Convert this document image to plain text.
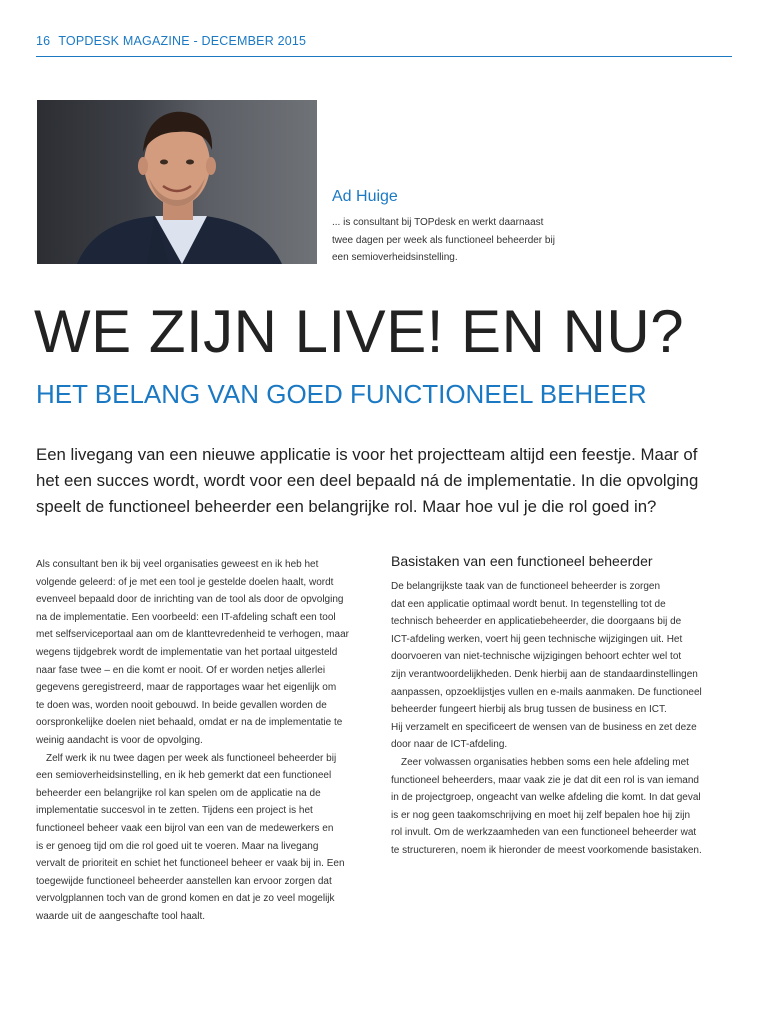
16 TOPDESK MAGAZINE - DECEMBER 2015
Ad Huige
... is consultant bij TOPdesk en werkt daarnaast
twee dagen per week als functioneel beheerder bij
een semioverheidsinstelling.
WE ZIJN LIVE! EN NU?
HET BELANG VAN GOED FUNCTIONEEL BEHEER
Een livegang van een nieuwe applicatie is voor het projectteam altijd een feestje. Maar of
het een succes wordt, wordt voor een deel bepaald ná de implementatie. In die opvolging
speelt de functioneel beheerder een belangrijke rol. Maar hoe vul je die rol goed in?

Als consultant ben ik bij veel organisaties geweest en ik heb het
volgende geleerd: of je met een tool je gestelde doelen haalt, wordt
evenveel bepaald door de inrichting van de tool als door de opvolging
na de implementatie. Een voorbeeld: een IT-afdeling schaft een tool
met selfserviceportaal aan om de klanttevredenheid te verhogen, maar
wegens tijdgebrek wordt de implementatie van het portaal uitgesteld
naar fase twee – en die komt er nooit. Of er worden netjes allerlei
gegevens geregistreerd, maar de rapportages waar het eigenlijk om
te doen was, worden nooit gebouwd. In beide gevallen worden de
oorspronkelijke doelen niet behaald, omdat er na de implementatie te
weinig aandacht is voor de opvolging.

Zelf werk ik nu twee dagen per week als functioneel beheerder bij
een semioverheidsinstelling, en ik heb gemerkt dat een functioneel
beheerder een belangrijke rol kan spelen om de applicatie na de
implementatie succesvol in te zetten. Tijdens een project is het
functioneel beheer vaak een bijrol van een van de medewerkers en
is er genoeg tijd om die rol goed uit te voeren. Maar na livegang
vervalt de prioriteit en schiet het functioneel beheer er vaak bij in. Een
toegewijde functioneel beheerder aanstellen kan ervoor zorgen dat
vervolgplannen toch van de grond komen en dat je zo veel mogelijk
waarde uit de aangeschafte tool haalt.

Basistaken van een functioneel beheerder

De belangrijkste taak van de functioneel beheerder is zorgen
dat een applicatie optimaal wordt benut. In tegenstelling tot de
technisch beheerder en applicatiebeheerder, die doorgaans bij de
ICT-afdeling werken, voert hij geen technische wijzigingen uit. Het
doorvoeren van niet-technische wijzigingen behoort echter wel tot
zijn verantwoordelijkheden. Denk hierbij aan de standaardinstellingen
aanpassen, opzoeklijstjes vullen en e-mails aanmaken. De functioneel
beheerder fungeert hierbij als brug tussen de business en ICT.
Hij verzamelt en specificeert de wensen van de business en zet deze
door naar de ICT-afdeling.

Zeer volwassen organisaties hebben soms een hele afdeling met
functioneel beheerders, maar vaak zie je dat dit een rol is van iemand
in de projectgroep, ongeacht van welke afdeling die komt. In dat geval
is er nog geen taakomschrijving en moet hij zelf bepalen hoe hij zijn
rol invult. Om de werkzaamheden van een functioneel beheerder wat
te structureren, noem ik hieronder de meest voorkomende basistaken.
